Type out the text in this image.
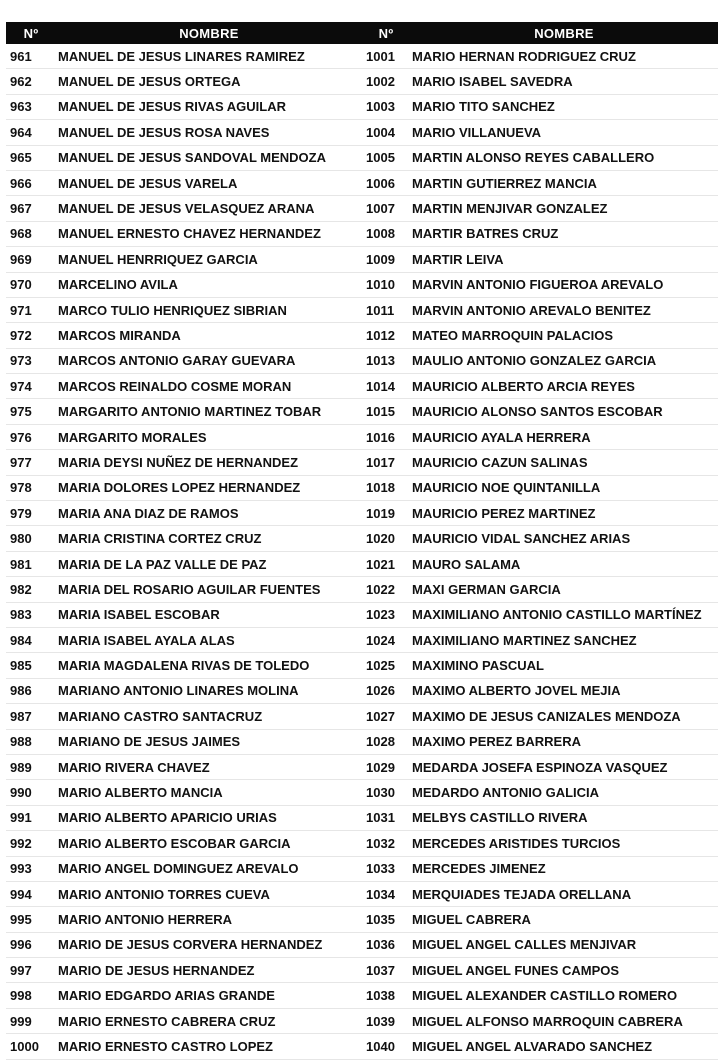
Nº	NOMBRE	Nº	NOMBRE
961	MANUEL DE JESUS LINARES RAMIREZ	1001	MARIO HERNAN RODRIGUEZ CRUZ
962	MANUEL DE JESUS ORTEGA	1002	MARIO ISABEL SAVEDRA
963	MANUEL DE JESUS RIVAS AGUILAR	1003	MARIO TITO SANCHEZ
964	MANUEL DE JESUS ROSA NAVES	1004	MARIO VILLANUEVA
965	MANUEL DE JESUS SANDOVAL MENDOZA	1005	MARTIN ALONSO REYES CABALLERO
966	MANUEL DE JESUS VARELA	1006	MARTIN GUTIERREZ MANCIA
967	MANUEL DE JESUS VELASQUEZ ARANA	1007	MARTIN MENJIVAR GONZALEZ
968	MANUEL ERNESTO CHAVEZ HERNANDEZ	1008	MARTIR BATRES CRUZ
969	MANUEL HENRRIQUEZ GARCIA	1009	MARTIR LEIVA
970	MARCELINO AVILA	1010	MARVIN ANTONIO FIGUEROA AREVALO
971	MARCO TULIO HENRIQUEZ SIBRIAN	1011	MARVIN ANTONIO AREVALO BENITEZ
972	MARCOS MIRANDA	1012	MATEO MARROQUIN PALACIOS
973	MARCOS ANTONIO GARAY GUEVARA	1013	MAULIO ANTONIO GONZALEZ GARCIA
974	MARCOS REINALDO COSME MORAN	1014	MAURICIO ALBERTO ARCIA REYES
975	MARGARITO ANTONIO MARTINEZ TOBAR	1015	MAURICIO ALONSO SANTOS ESCOBAR
976	MARGARITO MORALES	1016	MAURICIO AYALA HERRERA
977	MARIA DEYSI NUÑEZ DE HERNANDEZ	1017	MAURICIO CAZUN SALINAS
978	MARIA DOLORES LOPEZ HERNANDEZ	1018	MAURICIO NOE QUINTANILLA
979	MARIA ANA DIAZ DE RAMOS	1019	MAURICIO PEREZ MARTINEZ
980	MARIA CRISTINA CORTEZ CRUZ	1020	MAURICIO VIDAL SANCHEZ ARIAS
981	MARIA DE LA PAZ VALLE DE PAZ	1021	MAURO SALAMA
982	MARIA DEL ROSARIO AGUILAR FUENTES	1022	MAXI GERMAN GARCIA
983	MARIA ISABEL ESCOBAR	1023	MAXIMILIANO ANTONIO CASTILLO MARTÍNEZ
984	MARIA ISABEL AYALA ALAS	1024	MAXIMILIANO MARTINEZ SANCHEZ
985	MARIA MAGDALENA RIVAS DE TOLEDO	1025	MAXIMINO PASCUAL
986	MARIANO ANTONIO LINARES MOLINA	1026	MAXIMO ALBERTO JOVEL MEJIA
987	MARIANO CASTRO SANTACRUZ	1027	MAXIMO DE JESUS CANIZALES MENDOZA
988	MARIANO DE JESUS JAIMES	1028	MAXIMO PEREZ BARRERA
989	MARIO RIVERA CHAVEZ	1029	MEDARDA JOSEFA ESPINOZA VASQUEZ
990	MARIO ALBERTO MANCIA	1030	MEDARDO ANTONIO GALICIA
991	MARIO ALBERTO APARICIO URIAS	1031	MELBYS CASTILLO RIVERA
992	MARIO ALBERTO ESCOBAR GARCIA	1032	MERCEDES ARISTIDES TURCIOS
993	MARIO ANGEL DOMINGUEZ AREVALO	1033	MERCEDES JIMENEZ
994	MARIO ANTONIO TORRES CUEVA	1034	MERQUIADES TEJADA ORELLANA
995	MARIO ANTONIO HERRERA	1035	MIGUEL CABRERA
996	MARIO DE JESUS CORVERA HERNANDEZ	1036	MIGUEL ANGEL CALLES MENJIVAR
997	MARIO DE JESUS HERNANDEZ	1037	MIGUEL ANGEL FUNES CAMPOS
998	MARIO EDGARDO ARIAS GRANDE	1038	MIGUEL ALEXANDER CASTILLO ROMERO
999	MARIO ERNESTO CABRERA CRUZ	1039	MIGUEL ALFONSO MARROQUIN CABRERA
1000	MARIO ERNESTO CASTRO LOPEZ	1040	MIGUEL ANGEL ALVARADO SANCHEZ
